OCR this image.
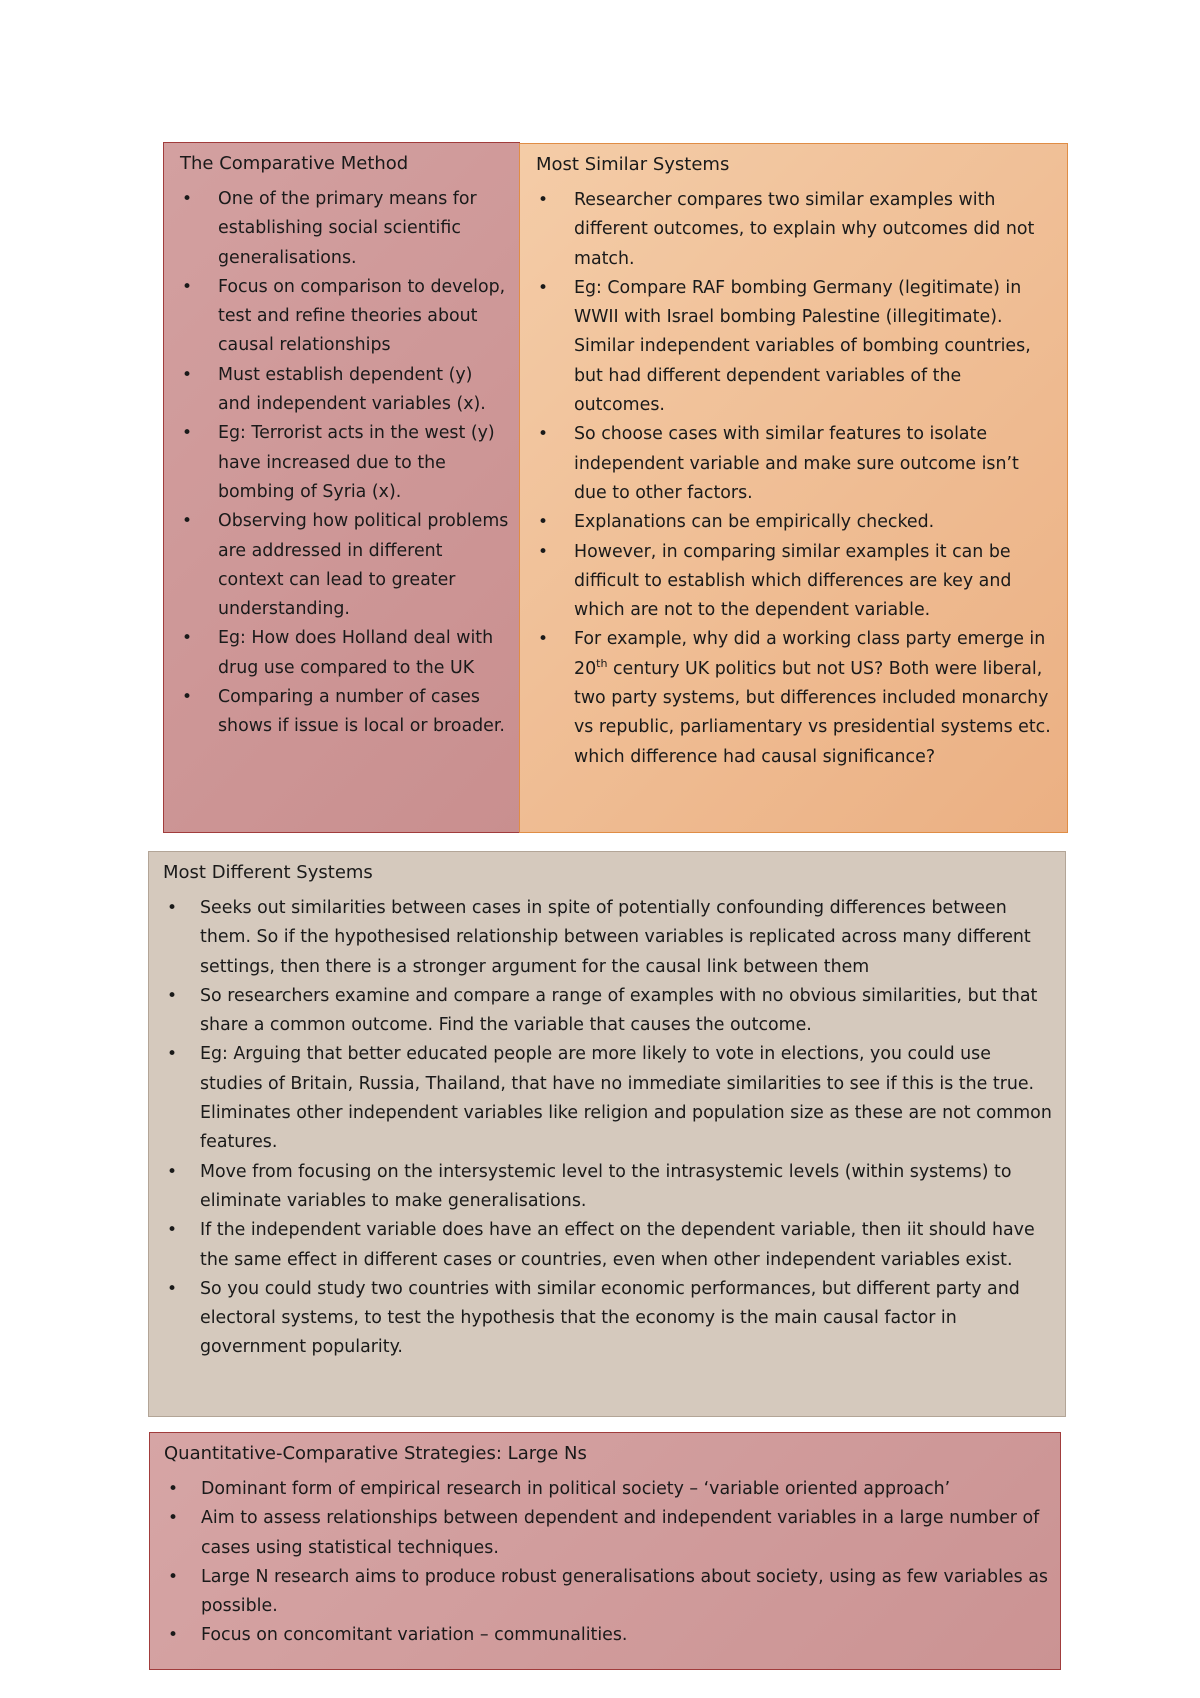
The Comparative Method
• One of the primary means for establishing social scientific generalisations.
• Focus on comparison to develop, test and refine theories about causal relationships
• Must establish dependent (y) and independent variables (x).
• Eg: Terrorist acts in the west (y) have increased due to the bombing of Syria (x).
• Observing how political problems are addressed in different context can lead to greater understanding.
• Eg: How does Holland deal with drug use compared to the UK
• Comparing a number of cases shows if issue is local or broader.
Most Similar Systems
• Researcher compares two similar examples with different outcomes, to explain why outcomes did not match.
• Eg: Compare RAF bombing Germany (legitimate) in WWII with Israel bombing Palestine (illegitimate). Similar independent variables of bombing countries, but had different dependent variables of the outcomes.
• So choose cases with similar features to isolate independent variable and make sure outcome isn’t due to other factors.
• Explanations can be empirically checked.
• However, in comparing similar examples it can be difficult to establish which differences are key and which are not to the dependent variable.
• For example, why did a working class party emerge in 20th century UK politics but not US? Both were liberal, two party systems, but differences included monarchy vs republic, parliamentary vs presidential systems etc. which difference had causal significance?
Most Different Systems
• Seeks out similarities between cases in spite of potentially confounding differences between them. So if the hypothesised relationship between variables is replicated across many different settings, then there is a stronger argument for the causal link between them
• So researchers examine and compare a range of examples with no obvious similarities, but that share a common outcome. Find the variable that causes the outcome.
• Eg: Arguing that better educated people are more likely to vote in elections, you could use studies of Britain, Russia, Thailand, that have no immediate similarities to see if this is the true. Eliminates other independent variables like religion and population size as these are not common features.
• Move from focusing on the intersystemic level to the intrasystemic levels (within systems) to eliminate variables to make generalisations.
• If the independent variable does have an effect on the dependent variable, then iit should have the same effect in different cases or countries, even when other independent variables exist.
• So you could study two countries with similar economic performances, but different party and electoral systems, to test the hypothesis that the economy is the main causal factor in government popularity.
Quantitative-Comparative Strategies: Large Ns
• Dominant form of empirical research in political society – ‘variable oriented approach’
• Aim to assess relationships between dependent and independent variables in a large number of cases using statistical techniques.
• Large N research aims to produce robust generalisations about society, using as few variables as possible.
• Focus on concomitant variation – communalities.
